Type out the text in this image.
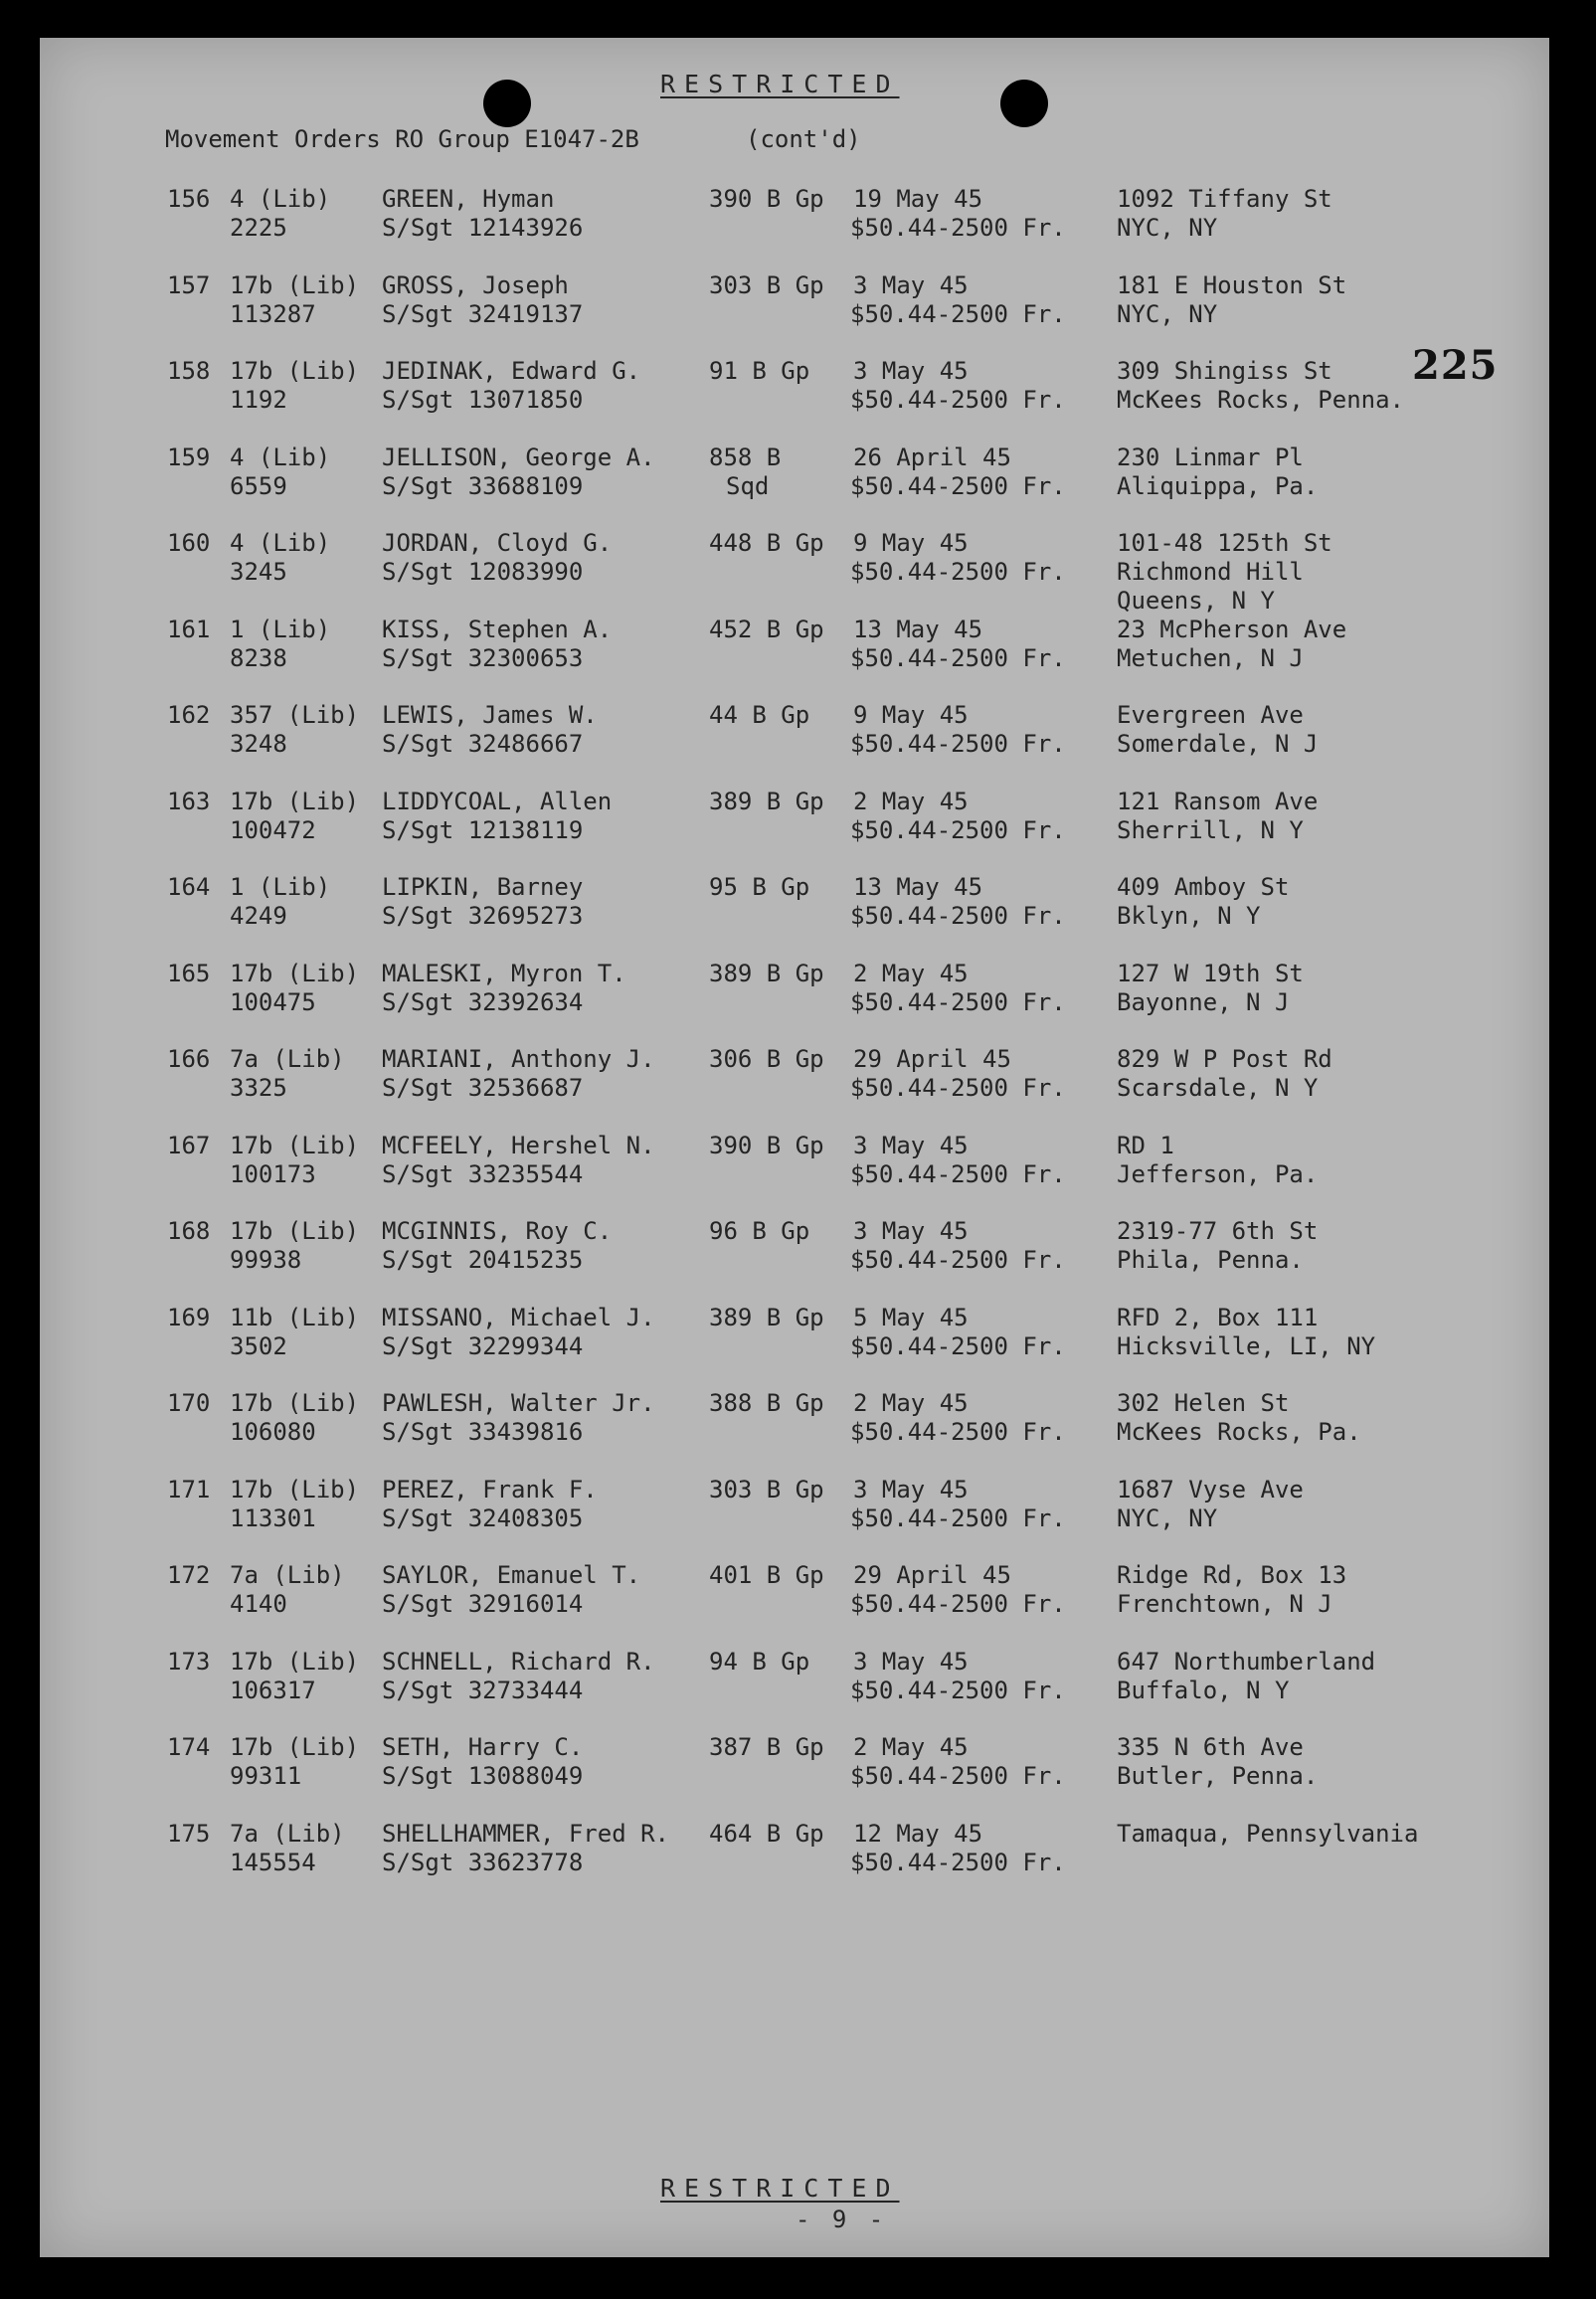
RESTRICTED
Movement Orders RO Group E1047-2B	(cont'd)
225
156 4 (Lib)
2225
GREEN, Hyman
S/Sgt 12143926
390 B Gp 19 May 45
$50.44-2500 Fr.
1092 Tiffany St
NYC, NY
157 17b (Lib)
113287
GROSS, Joseph
S/Sgt 32419137
303 B Gp 3 May 45
$50.44-2500 Fr.
181 E Houston St
NYC, NY
158 17b (Lib)
1192
JEDINAK, Edward G.
S/Sgt 13071850
91 B Gp 3 May 45
$50.44-2500 Fr.
309 Shingiss St
McKees Rocks, Penna.
159 4 (Lib)
6559
JELLISON, George A.
S/Sgt 33688109
858 B
Sqd
26 April 45
$50.44-2500 Fr.
230 Linmar Pl
Aliquippa, Pa.
160 4 (Lib)
3245
JORDAN, Cloyd G.
S/Sgt 12083990
448 B Gp 9 May 45
$50.44-2500 Fr.
101-48 125th St
Richmond Hill
Queens, N Y
161 1 (Lib)
8238
KISS, Stephen A.
S/Sgt 32300653
452 B Gp 13 May 45
$50.44-2500 Fr.
23 McPherson Ave
Metuchen, N J
162 357 (Lib)
3248
LEWIS, James W.
S/Sgt 32486667
44 B Gp 9 May 45
$50.44-2500 Fr.
Evergreen Ave
Somerdale, N J
163 17b (Lib)
100472
LIDDYCOAL, Allen
S/Sgt 12138119
389 B Gp 2 May 45
$50.44-2500 Fr.
121 Ransom Ave
Sherrill, N Y
164 1 (Lib)
4249
LIPKIN, Barney
S/Sgt 32695273
95 B Gp 13 May 45
$50.44-2500 Fr.
409 Amboy St
Bklyn, N Y
165 17b (Lib)
100475
MALESKI, Myron T.
S/Sgt 32392634
389 B Gp 2 May 45
$50.44-2500 Fr.
127 W 19th St
Bayonne, N J
166 7a (Lib)
3325
MARIANI, Anthony J.
S/Sgt 32536687
306 B Gp 29 April 45
$50.44-2500 Fr.
829 W P Post Rd
Scarsdale, N Y
167 17b (Lib)
100173
MCFEELY, Hershel N.
S/Sgt 33235544
390 B Gp 3 May 45
$50.44-2500 Fr.
RD 1
Jefferson, Pa.
168 17b (Lib)
99938
MCGINNIS, Roy C.
S/Sgt 20415235
96 B Gp 3 May 45
$50.44-2500 Fr.
2319-77 6th St
Phila, Penna.
169 11b (Lib)
3502
MISSANO, Michael J.
S/Sgt 32299344
389 B Gp 5 May 45
$50.44-2500 Fr.
RFD 2, Box 111
Hicksville, LI, NY
170 17b (Lib)
106080
PAWLESH, Walter Jr.
S/Sgt 33439816
388 B Gp 2 May 45
$50.44-2500 Fr.
302 Helen St
McKees Rocks, Pa.
171 17b (Lib)
113301
PEREZ, Frank F.
S/Sgt 32408305
303 B Gp 3 May 45
$50.44-2500 Fr.
1687 Vyse Ave
NYC, NY
172 7a (Lib)
4140
SAYLOR, Emanuel T.
S/Sgt 32916014
401 B Gp 29 April 45
$50.44-2500 Fr.
Ridge Rd, Box 13
Frenchtown, N J
173 17b (Lib)
106317
SCHNELL, Richard R.
S/Sgt 32733444
94 B Gp 3 May 45
$50.44-2500 Fr.
647 Northumberland
Buffalo, N Y
174 17b (Lib)
99311
SETH, Harry C.
S/Sgt 13088049
387 B Gp 2 May 45
$50.44-2500 Fr.
335 N 6th Ave
Butler, Penna.
175 7a (Lib)
145554
SHELLHAMMER, Fred R.
S/Sgt 33623778
464 B Gp 12 May 45
$50.44-2500 Fr.
Tamaqua, Pennsylvania
RESTRICTED
- 9 -
